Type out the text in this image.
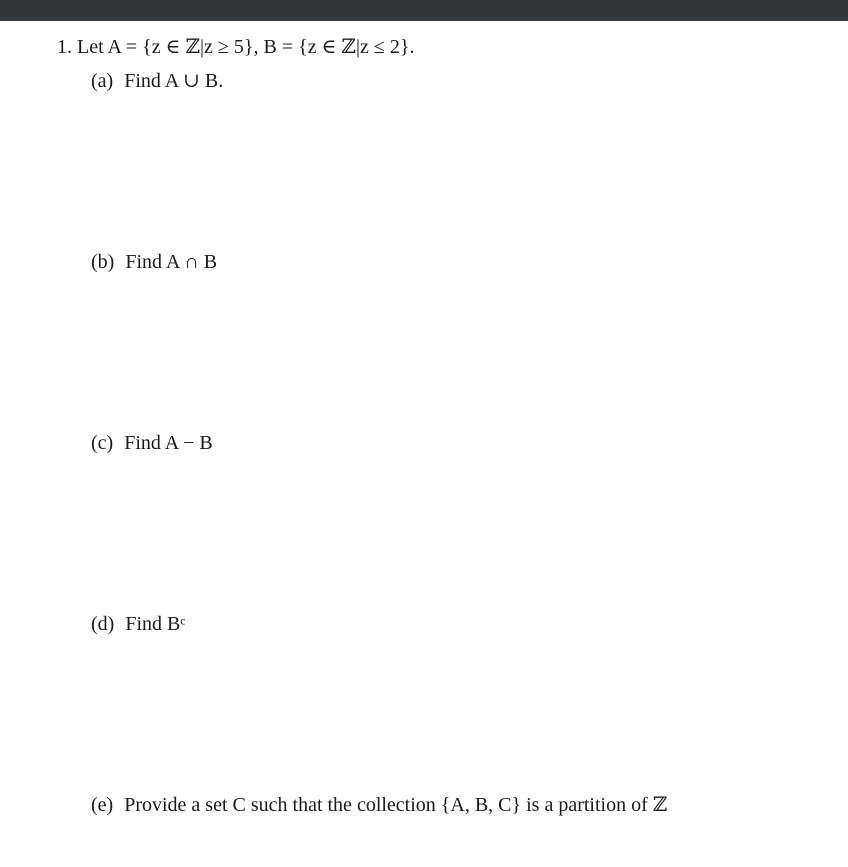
1. Let A = {z ∈ ℤ|z ≥ 5}, B = {z ∈ ℤ|z ≤ 2}.
(a) Find A ∪ B.
(b) Find A ∩ B
(c) Find A − B
(d) Find Bᶜ
(e) Provide a set C such that the collection {A, B, C} is a partition of ℤ
